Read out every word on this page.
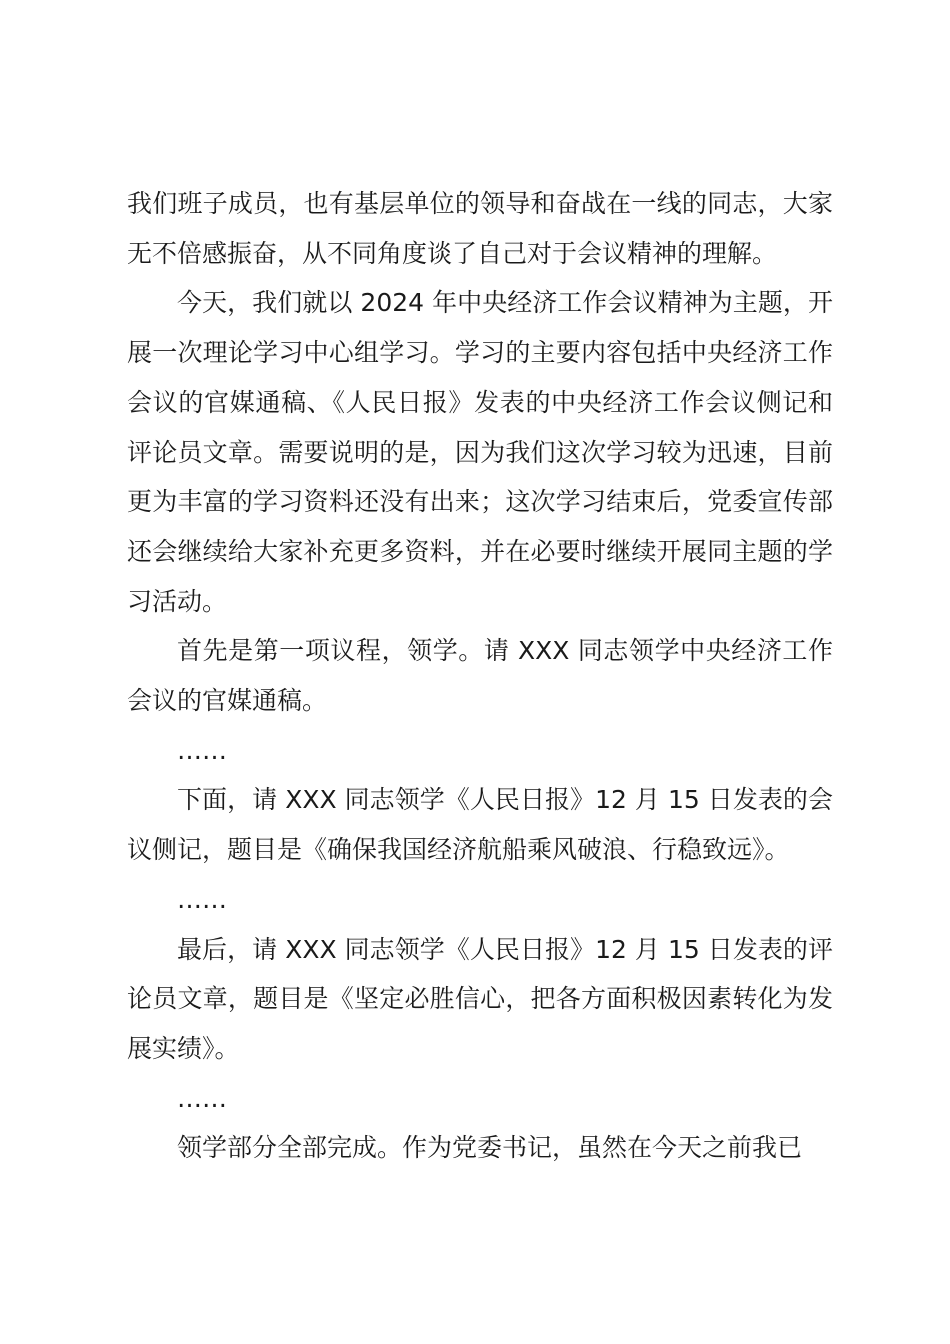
我们班子成员，也有基层单位的领导和奋战在一线的同志，大家无不倍感振奋，从不同角度谈了自己对于会议精神的理解。

今天，我们就以 2024 年中央经济工作会议精神为主题，开展一次理论学习中心组学习。学习的主要内容包括中央经济工作会议的官媒通稿、《人民日报》发表的中央经济工作会议侧记和评论员文章。需要说明的是，因为我们这次学习较为迅速，目前更为丰富的学习资料还没有出来；这次学习结束后，党委宣传部还会继续给大家补充更多资料，并在必要时继续开展同主题的学习活动。

首先是第一项议程，领学。请 XXX 同志领学中央经济工作会议的官媒通稿。

……

下面，请 XXX 同志领学《人民日报》12 月 15 日发表的会议侧记，题目是《确保我国经济航船乘风破浪、行稳致远》。

……

最后，请 XXX 同志领学《人民日报》12 月 15 日发表的评论员文章，题目是《坚定必胜信心，把各方面积极因素转化为发展实绩》。

……

领学部分全部完成。作为党委书记，虽然在今天之前我已
